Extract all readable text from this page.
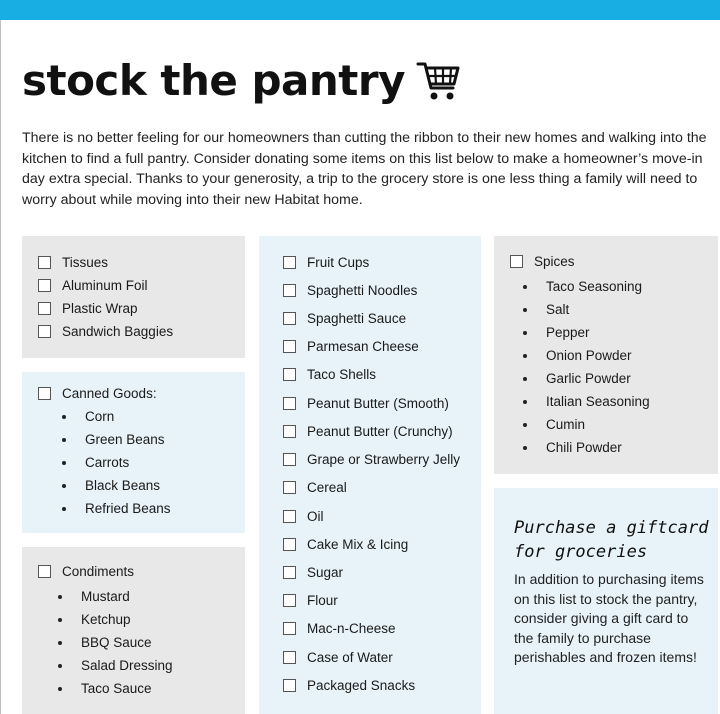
stock the pantry
There is no better feeling for our homeowners than cutting the ribbon to their new homes and walking into the kitchen to find a full pantry. Consider donating some items on this list below to make a homeowner’s move-in day extra special. Thanks to your generosity, a trip to the grocery store is one less thing a family will need to worry about while moving into their new Habitat home.
Tissues
Aluminum Foil
Plastic Wrap
Sandwich Baggies
Canned Goods:
Corn
Green Beans
Carrots
Black Beans
Refried Beans
Condiments
Mustard
Ketchup
BBQ Sauce
Salad Dressing
Taco Sauce
Fruit Cups
Spaghetti Noodles
Spaghetti Sauce
Parmesan Cheese
Taco Shells
Peanut Butter (Smooth)
Peanut Butter (Crunchy)
Grape or Strawberry Jelly
Cereal
Oil
Cake Mix & Icing
Sugar
Flour
Mac-n-Cheese
Case of Water
Packaged Snacks
Spices
Taco Seasoning
Salt
Pepper
Onion Powder
Garlic Powder
Italian Seasoning
Cumin
Chili Powder
Purchase a giftcard for groceries
In addition to purchasing items on this list to stock the pantry, consider giving a gift card to the family to purchase perishables and frozen items!
